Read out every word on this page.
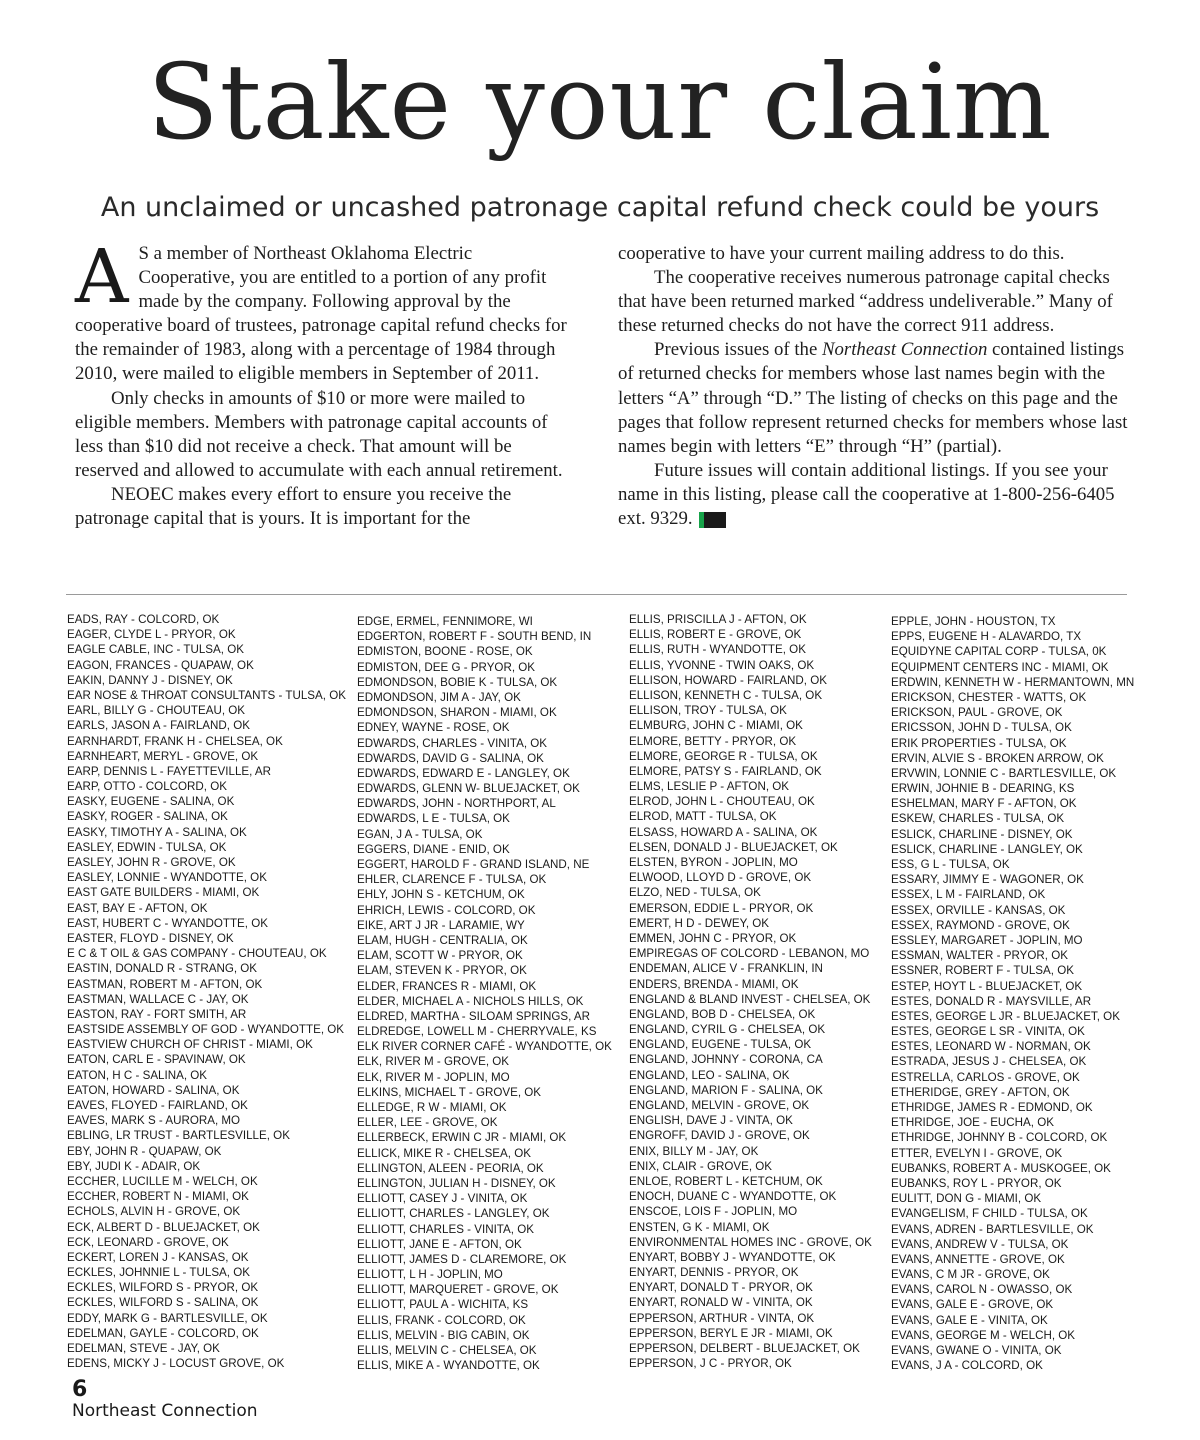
Stake your claim
An unclaimed or uncashed patronage capital refund check could be yours

A S a member of Northeast Oklahoma Electric Cooperative, you are entitled to a portion of any profit made by the company. Following approval by the cooperative board of trustees, patronage capital refund checks for the remainder of 1983, along with a percentage of 1984 through 2010, were mailed to eligible members in September of 2011.

Only checks in amounts of $10 or more were mailed to eligible members. Members with patronage capital accounts of less than $10 did not receive a check. That amount will be reserved and allowed to accumulate with each annual retirement.

NEOEC makes every effort to ensure you receive the patronage capital that is yours. It is important for the

cooperative to have your current mailing address to do this.

The cooperative receives numerous patronage capital checks that have been returned marked “address undeliverable.” Many of these returned checks do not have the correct 911 address.

Previous issues of the Northeast Connection contained listings of returned checks for members whose last names begin with the letters “A” through “D.” The listing of checks on this page and the pages that follow represent returned checks for members whose last names begin with letters “E” through “H” (partial).

Future issues will contain additional listings. If you see your name in this listing, please call the cooperative at 1-800-256-6405 ext. 9329.	NEC

EADS, RAY - COLCORD, OK
EAGER, CLYDE L - PRYOR, OK
EAGLE CABLE, INC - TULSA, OK
EAGON, FRANCES - QUAPAW, OK
EAKIN, DANNY J - DISNEY, OK
EAR NOSE & THROAT CONSULTANTS - TULSA, OK
EARL, BILLY G - CHOUTEAU, OK
EARLS, JASON A - FAIRLAND, OK
EARNHARDT, FRANK H - CHELSEA, OK
EARNHEART, MERYL - GROVE, OK
EARP, DENNIS L - FAYETTEVILLE, AR
EARP, OTTO - COLCORD, OK
EASKY, EUGENE - SALINA, OK
EASKY, ROGER - SALINA, OK
EASKY, TIMOTHY A - SALINA, OK
EASLEY, EDWIN - TULSA, OK
EASLEY, JOHN R - GROVE, OK
EASLEY, LONNIE - WYANDOTTE, OK
EAST GATE BUILDERS - MIAMI, OK
EAST, BAY E - AFTON, OK
EAST, HUBERT C - WYANDOTTE, OK
EASTER, FLOYD - DISNEY, OK
E C & T OIL & GAS COMPANY - CHOUTEAU, OK
EASTIN, DONALD R - STRANG, OK
EASTMAN, ROBERT M - AFTON, OK
EASTMAN, WALLACE C - JAY, OK
EASTON, RAY - FORT SMITH, AR
EASTSIDE ASSEMBLY OF GOD - WYANDOTTE, OK
EASTVIEW CHURCH OF CHRIST - MIAMI, OK
EATON, CARL E - SPAVINAW, OK
EATON, H C - SALINA, OK
EATON, HOWARD - SALINA, OK
EAVES, FLOYED - FAIRLAND, OK
EAVES, MARK S - AURORA, MO
EBLING, LR TRUST - BARTLESVILLE, OK
EBY, JOHN R - QUAPAW, OK
EBY, JUDI K - ADAIR, OK
ECCHER, LUCILLE M - WELCH, OK
ECCHER, ROBERT N - MIAMI, OK
ECHOLS, ALVIN H - GROVE, OK
ECK, ALBERT D - BLUEJACKET, OK
ECK, LEONARD - GROVE, OK
ECKERT, LOREN J - KANSAS, OK
ECKLES, JOHNNIE L - TULSA, OK
ECKLES, WILFORD S - PRYOR, OK
ECKLES, WILFORD S - SALINA, OK
EDDY, MARK G - BARTLESVILLE, OK
EDELMAN, GAYLE - COLCORD, OK
EDELMAN, STEVE - JAY, OK
EDENS, MICKY J - LOCUST GROVE, OK
EDGE, ERMEL, FENNIMORE, WI
EDGERTON, ROBERT F - SOUTH BEND, IN
EDMISTON, BOONE - ROSE, OK
EDMISTON, DEE G - PRYOR, OK
EDMONDSON, BOBIE K - TULSA, OK
EDMONDSON, JIM A - JAY, OK
EDMONDSON, SHARON - MIAMI, OK
EDNEY, WAYNE - ROSE, OK
EDWARDS, CHARLES - VINITA, OK
EDWARDS, DAVID G - SALINA, OK
EDWARDS, EDWARD E - LANGLEY, OK
EDWARDS, GLENN W- BLUEJACKET, OK
EDWARDS, JOHN - NORTHPORT, AL
EDWARDS, L E - TULSA, OK
EGAN, J A - TULSA, OK
EGGERS, DIANE - ENID, OK
EGGERT, HAROLD F - GRAND ISLAND, NE
EHLER, CLARENCE F - TULSA, OK
EHLY, JOHN S - KETCHUM, OK
EHRICH, LEWIS - COLCORD, OK
EIKE, ART J JR - LARAMIE, WY
ELAM, HUGH - CENTRALIA, OK
ELAM, SCOTT W - PRYOR, OK
ELAM, STEVEN K - PRYOR, OK
ELDER, FRANCES R - MIAMI, OK
ELDER, MICHAEL A - NICHOLS HILLS, OK
ELDRED, MARTHA - SILOAM SPRINGS, AR
ELDREDGE, LOWELL M - CHERRYVALE, KS
ELK RIVER CORNER CAFÉ - WYANDOTTE, OK
ELK, RIVER M - GROVE, OK
ELK, RIVER M - JOPLIN, MO
ELKINS, MICHAEL T - GROVE, OK
ELLEDGE, R W - MIAMI, OK
ELLER, LEE - GROVE, OK
ELLERBECK, ERWIN C JR - MIAMI, OK
ELLICK, MIKE R - CHELSEA, OK
ELLINGTON, ALEEN - PEORIA, OK
ELLINGTON, JULIAN H - DISNEY, OK
ELLIOTT, CASEY J - VINITA, OK
ELLIOTT, CHARLES - LANGLEY, OK
ELLIOTT, CHARLES - VINITA, OK
ELLIOTT, JANE E - AFTON, OK
ELLIOTT, JAMES D - CLAREMORE, OK
ELLIOTT, L H - JOPLIN, MO
ELLIOTT, MARQUERET - GROVE, OK
ELLIOTT, PAUL A - WICHITA, KS
ELLIS, FRANK - COLCORD, OK
ELLIS, MELVIN - BIG CABIN, OK
ELLIS, MELVIN C - CHELSEA, OK
ELLIS, MIKE A - WYANDOTTE, OK
ELLIS, PRISCILLA J - AFTON, OK
ELLIS, ROBERT E - GROVE, OK
ELLIS, RUTH - WYANDOTTE, OK
ELLIS, YVONNE - TWIN OAKS, OK
ELLISON, HOWARD - FAIRLAND, OK
ELLISON, KENNETH C - TULSA, OK
ELLISON, TROY - TULSA, OK
ELMBURG, JOHN C - MIAMI, OK
ELMORE, BETTY - PRYOR, OK
ELMORE, GEORGE R - TULSA, OK
ELMORE, PATSY S - FAIRLAND, OK
ELMS, LESLIE P - AFTON, OK
ELROD, JOHN L - CHOUTEAU, OK
ELROD, MATT - TULSA, OK
ELSASS, HOWARD A - SALINA, OK
ELSEN, DONALD J - BLUEJACKET, OK
ELSTEN, BYRON - JOPLIN, MO
ELWOOD, LLOYD D - GROVE, OK
ELZO, NED - TULSA, OK
EMERSON, EDDIE L - PRYOR, OK
EMERT, H D - DEWEY, OK
EMMEN, JOHN C - PRYOR, OK
EMPIREGAS OF COLCORD - LEBANON, MO
ENDEMAN, ALICE V - FRANKLIN, IN
ENDERS, BRENDA - MIAMI, OK
ENGLAND & BLAND INVEST - CHELSEA, OK
ENGLAND, BOB D - CHELSEA, OK
ENGLAND, CYRIL G - CHELSEA, OK
ENGLAND, EUGENE - TULSA, OK
ENGLAND, JOHNNY - CORONA, CA
ENGLAND, LEO - SALINA, OK
ENGLAND, MARION F - SALINA, OK
ENGLAND, MELVIN - GROVE, OK
ENGLISH, DAVE J - VINTA, OK
ENGROFF, DAVID J - GROVE, OK
ENIX, BILLY M - JAY, OK
ENIX, CLAIR - GROVE, OK
ENLOE, ROBERT L - KETCHUM, OK
ENOCH, DUANE C - WYANDOTTE, OK
ENSCOE, LOIS F - JOPLIN, MO
ENSTEN, G K - MIAMI, OK
ENVIRONMENTAL HOMES INC - GROVE, OK
ENYART, BOBBY J - WYANDOTTE, OK
ENYART, DENNIS - PRYOR, OK
ENYART, DONALD T - PRYOR, OK
ENYART, RONALD W - VINITA, OK
EPPERSON, ARTHUR - VINTA, OK
EPPERSON, BERYL E JR - MIAMI, OK
EPPERSON, DELBERT - BLUEJACKET, OK
EPPERSON, J C - PRYOR, OK
EPPLE, JOHN - HOUSTON, TX
EPPS, EUGENE H - ALAVARDO, TX
EQUIDYNE CAPITAL CORP - TULSA, 0K
EQUIPMENT CENTERS INC - MIAMI, OK
ERDWIN, KENNETH W - HERMANTOWN, MN
ERICKSON, CHESTER - WATTS, OK
ERICKSON, PAUL - GROVE, OK
ERICSSON, JOHN D - TULSA, OK
ERIK PROPERTIES - TULSA, OK
ERVIN, ALVIE S - BROKEN ARROW, OK
ERVWIN, LONNIE C - BARTLESVILLE, OK
ERWIN, JOHNIE B - DEARING, KS
ESHELMAN, MARY F - AFTON, OK
ESKEW, CHARLES - TULSA, OK
ESLICK, CHARLINE - DISNEY, OK
ESLICK, CHARLINE - LANGLEY, OK
ESS, G L - TULSA, OK
ESSARY, JIMMY E - WAGONER, OK
ESSEX, L M - FAIRLAND, OK
ESSEX, ORVILLE - KANSAS, OK
ESSEX, RAYMOND - GROVE, OK
ESSLEY, MARGARET - JOPLIN, MO
ESSMAN, WALTER - PRYOR, OK
ESSNER, ROBERT F - TULSA, OK
ESTEP, HOYT L - BLUEJACKET, OK
ESTES, DONALD R - MAYSVILLE, AR
ESTES, GEORGE L JR - BLUEJACKET, OK
ESTES, GEORGE L SR - VINITA, OK
ESTES, LEONARD W - NORMAN, OK
ESTRADA, JESUS J - CHELSEA, OK
ESTRELLA, CARLOS - GROVE, OK
ETHERIDGE, GREY - AFTON, OK
ETHRIDGE, JAMES R - EDMOND, OK
ETHRIDGE, JOE - EUCHA, OK
ETHRIDGE, JOHNNY B - COLCORD, OK
ETTER, EVELYN I - GROVE, OK
EUBANKS, ROBERT A - MUSKOGEE, OK
EUBANKS, ROY L - PRYOR, OK
EULITT, DON G - MIAMI, OK
EVANGELISM, F CHILD - TULSA, OK
EVANS, ADREN - BARTLESVILLE, OK
EVANS, ANDREW V - TULSA, OK
EVANS, ANNETTE - GROVE, OK
EVANS, C M JR - GROVE, OK
EVANS, CAROL N - OWASSO, OK
EVANS, GALE E - GROVE, OK
EVANS, GALE E - VINITA, OK
EVANS, GEORGE M - WELCH, OK
EVANS, GWANE O - VINITA, OK
EVANS, J A - COLCORD, OK
6
Northeast Connection
